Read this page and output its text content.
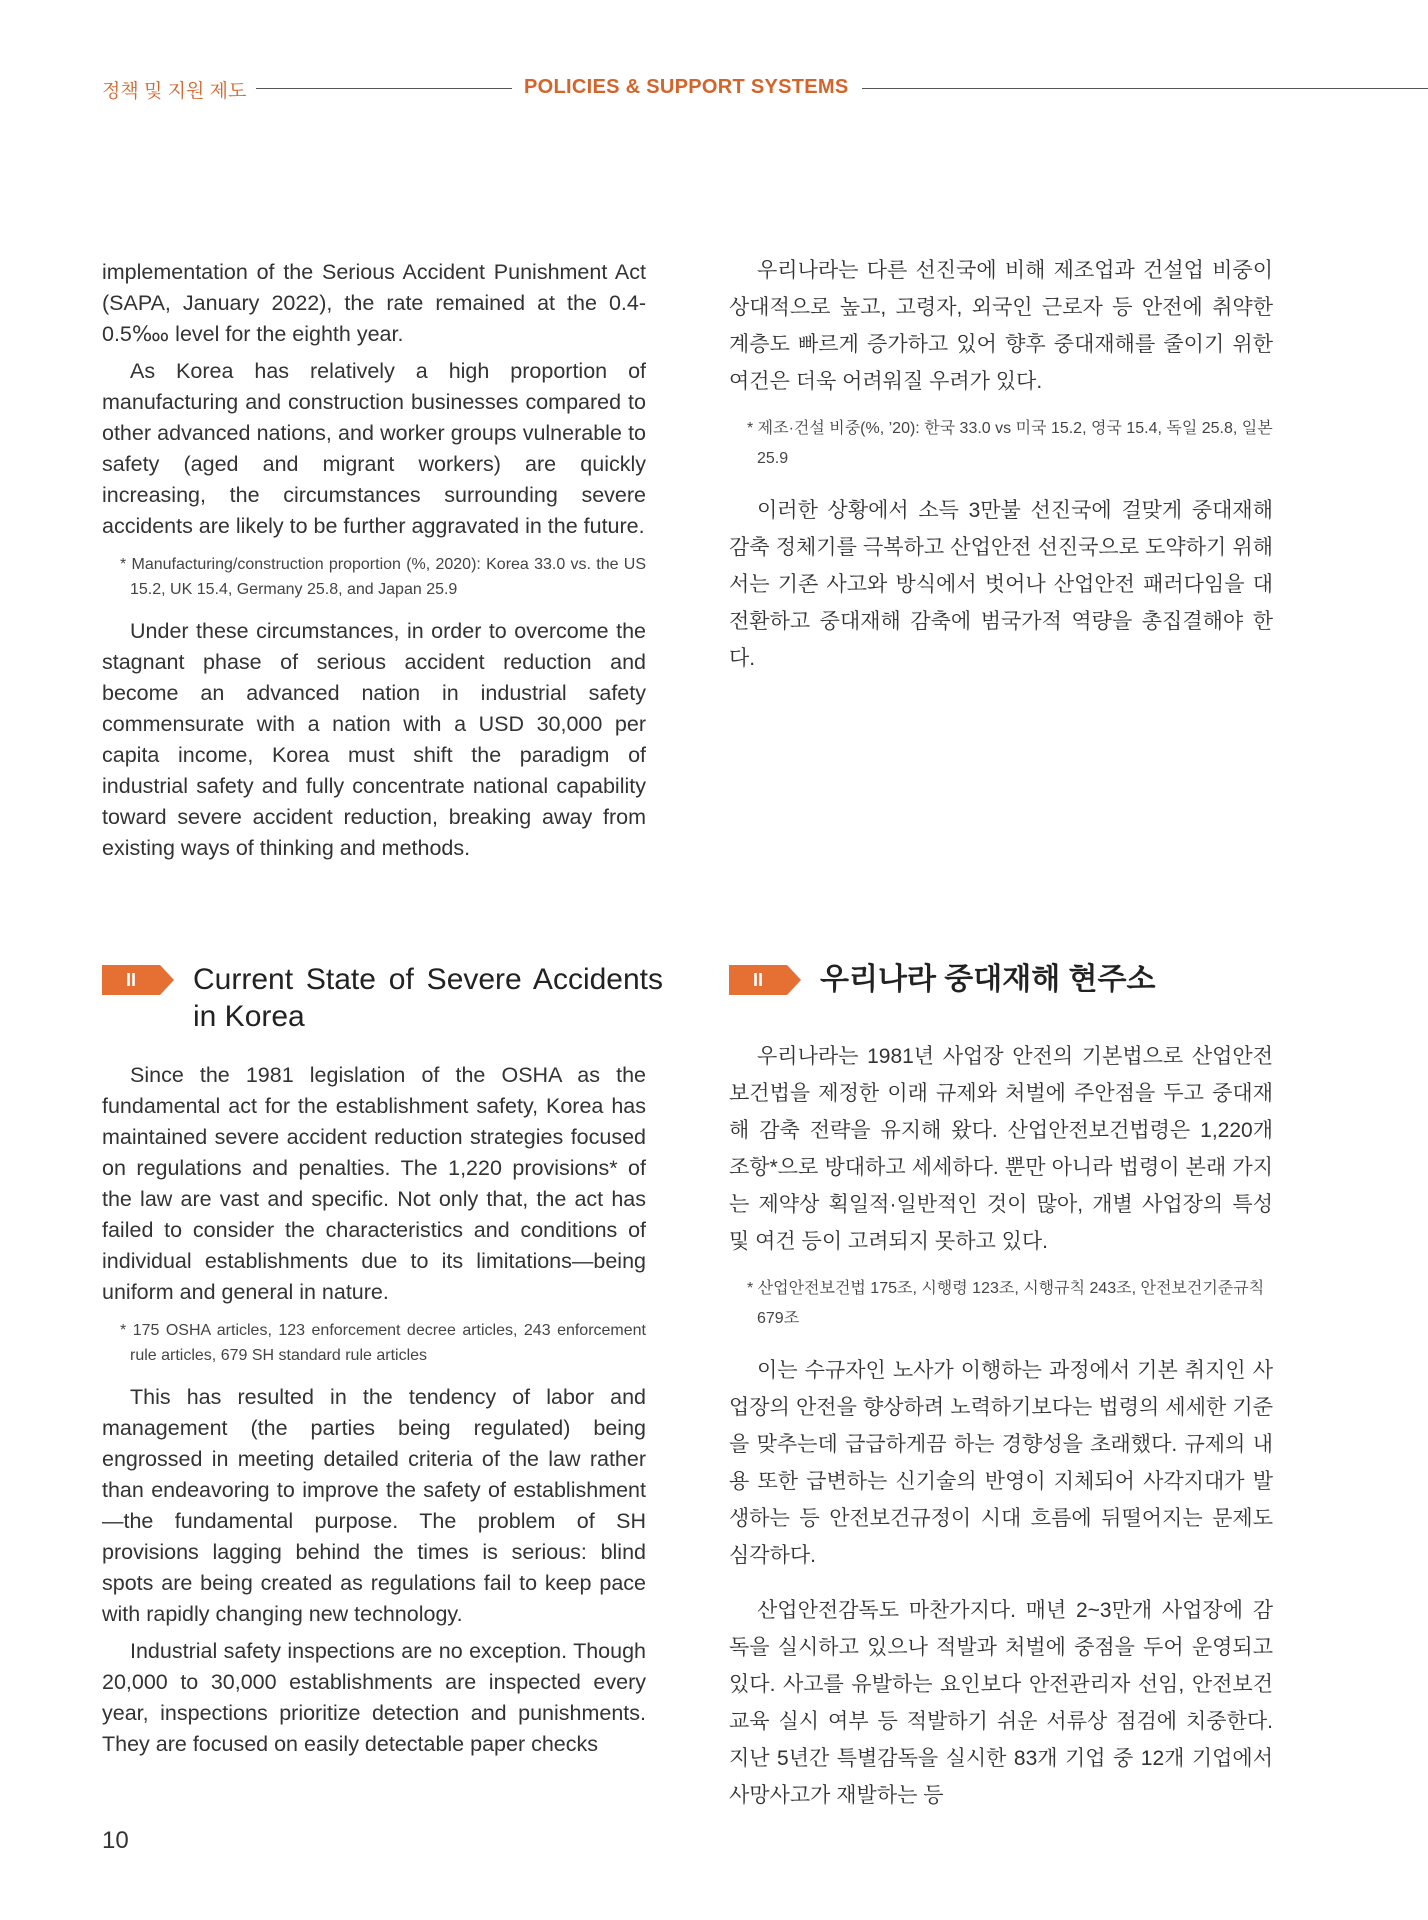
정책 및 지원 제도	POLICIES & SUPPORT SYSTEMS

implementation of the Serious Accident Punishment Act (SAPA, January 2022), the rate remained at the 0.4-0.5‱ level for the eighth year.

As Korea has relatively a high proportion of manufacturing and construction businesses compared to other advanced nations, and worker groups vulnerable to safety (aged and migrant workers) are quickly increasing, the circumstances surrounding severe accidents are likely to be further aggravated in the future.

* Manufacturing/construction proportion (%, 2020): Korea 33.0 vs. the US 15.2, UK 15.4, Germany 25.8, and Japan 25.9

Under these circumstances, in order to overcome the stagnant phase of serious accident reduction and become an advanced nation in industrial safety commensurate with a nation with a USD 30,000 per capita income, Korea must shift the paradigm of industrial safety and fully concentrate national capability toward severe accident reduction, breaking away from existing ways of thinking and methods.

우리나라는 다른 선진국에 비해 제조업과 건설업 비중이 상대적으로 높고, 고령자, 외국인 근로자 등 안전에 취약한 계층도 빠르게 증가하고 있어 향후 중대재해를 줄이기 위한 여건은 더욱 어려워질 우려가 있다.

* 제조·건설 비중(%, ’20): 한국 33.0 vs 미국 15.2, 영국 15.4, 독일 25.8, 일본 25.9

이러한 상황에서 소득 3만불 선진국에 걸맞게 중대재해 감축 정체기를 극복하고 산업안전 선진국으로 도약하기 위해서는 기존 사고와 방식에서 벗어나 산업안전 패러다임을 대전환하고 중대재해 감축에 범국가적 역량을 총집결해야 한다.

II	Current State of Severe Accidents in Korea
II	우리나라 중대재해 현주소

Since the 1981 legislation of the OSHA as the fundamental act for the establishment safety, Korea has maintained severe accident reduction strategies focused on regulations and penalties. The 1,220 provisions* of the law are vast and specific. Not only that, the act has failed to consider the characteristics and conditions of individual establishments due to its limitations—being uniform and general in nature.

* 175 OSHA articles, 123 enforcement decree articles, 243 enforcement rule articles, 679 SH standard rule articles

This has resulted in the tendency of labor and management (the parties being regulated) being engrossed in meeting detailed criteria of the law rather than endeavoring to improve the safety of establishment—the fundamental purpose. The problem of SH provisions lagging behind the times is serious: blind spots are being created as regulations fail to keep pace with rapidly changing new technology.

Industrial safety inspections are no exception. Though 20,000 to 30,000 establishments are inspected every year, inspections prioritize detection and punishments. They are focused on easily detectable paper checks

우리나라는 1981년 사업장 안전의 기본법으로 산업안전보건법을 제정한 이래 규제와 처벌에 주안점을 두고 중대재해 감축 전략을 유지해 왔다. 산업안전보건법령은 1,220개 조항*으로 방대하고 세세하다. 뿐만 아니라 법령이 본래 가지는 제약상 획일적·일반적인 것이 많아, 개별 사업장의 특성 및 여건 등이 고려되지 못하고 있다.

* 산업안전보건법 175조, 시행령 123조, 시행규칙 243조, 안전보건기준규칙 679조

이는 수규자인 노사가 이행하는 과정에서 기본 취지인 사업장의 안전을 향상하려 노력하기보다는 법령의 세세한 기준을 맞추는데 급급하게끔 하는 경향성을 초래했다. 규제의 내용 또한 급변하는 신기술의 반영이 지체되어 사각지대가 발생하는 등 안전보건규정이 시대 흐름에 뒤떨어지는 문제도 심각하다.

산업안전감독도 마찬가지다. 매년 2~3만개 사업장에 감독을 실시하고 있으나 적발과 처벌에 중점을 두어 운영되고 있다. 사고를 유발하는 요인보다 안전관리자 선임, 안전보건교육 실시 여부 등 적발하기 쉬운 서류상 점검에 치중한다. 지난 5년간 특별감독을 실시한 83개 기업 중 12개 기업에서 사망사고가 재발하는 등

10
